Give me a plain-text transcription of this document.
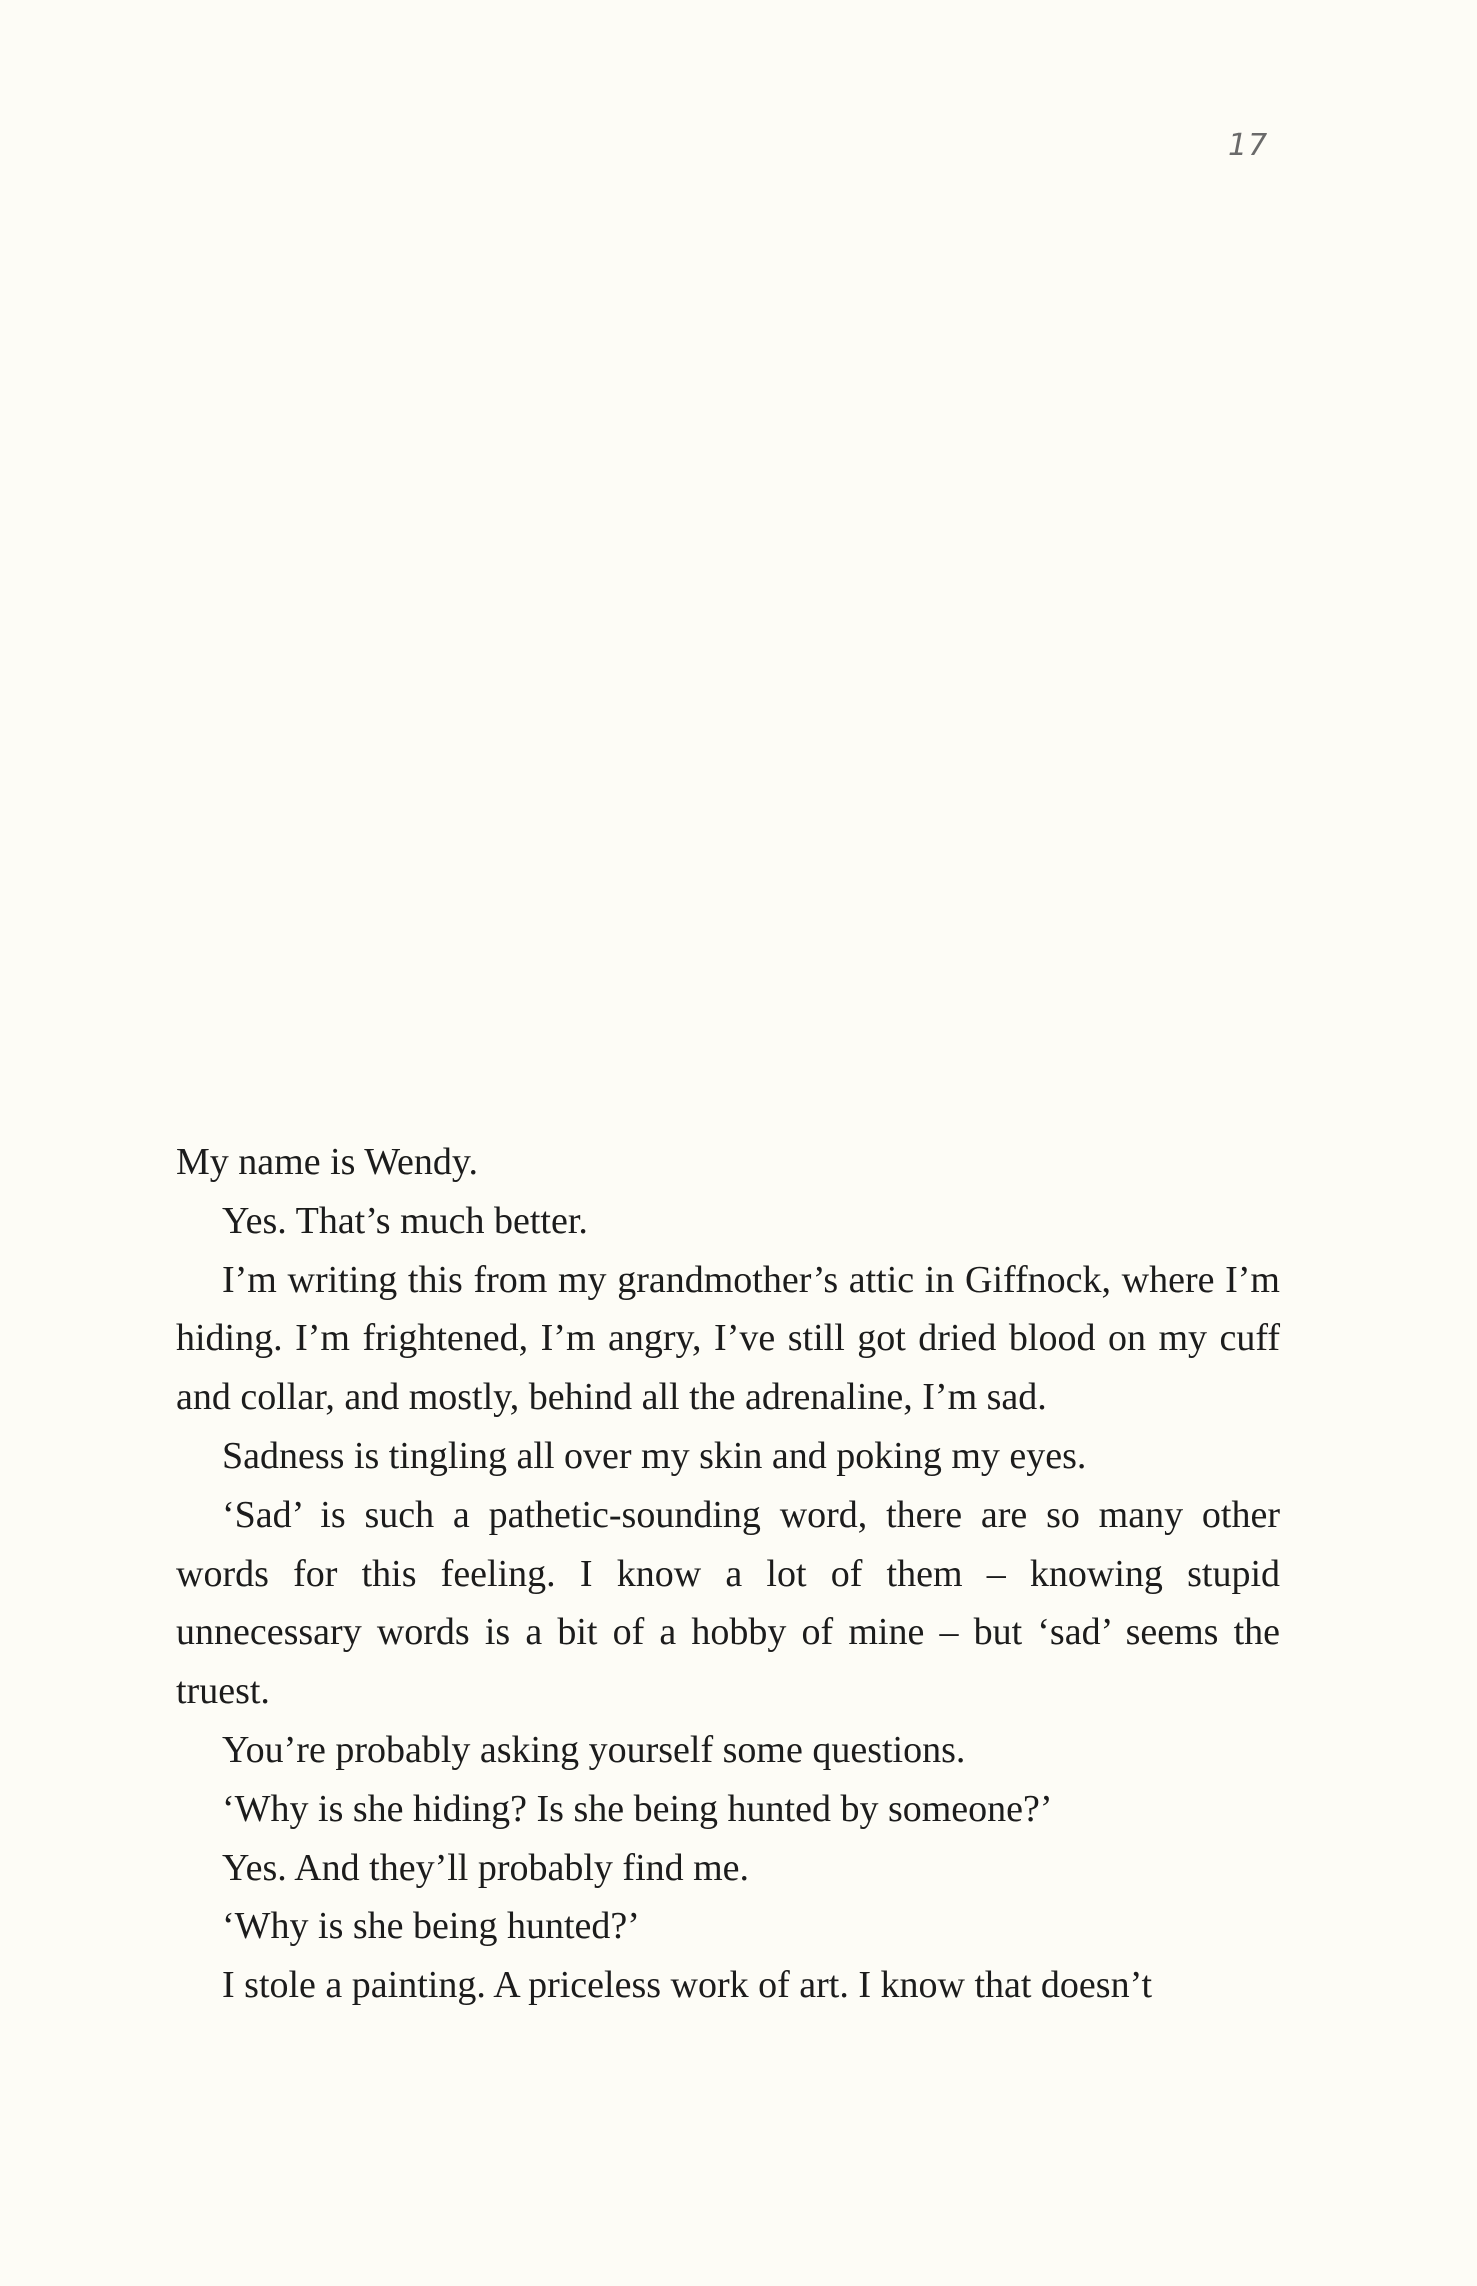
17

My name is Wendy.

Yes. That’s much better.

I’m writing this from my grandmother’s attic in Giffnock, where I’m hiding. I’m frightened, I’m angry, I’ve still got dried blood on my cuff and collar, and mostly, behind all the adrenaline, I’m sad.

Sadness is tingling all over my skin and poking my eyes.

‘Sad’ is such a pathetic-sounding word, there are so many other words for this feeling. I know a lot of them – knowing stupid unnecessary words is a bit of a hobby of mine – but ‘sad’ seems the truest.

You’re probably asking yourself some questions.

‘Why is she hiding? Is she being hunted by someone?’

Yes. And they’ll probably find me.

‘Why is she being hunted?’

I stole a painting. A priceless work of art. I know that doesn’t
